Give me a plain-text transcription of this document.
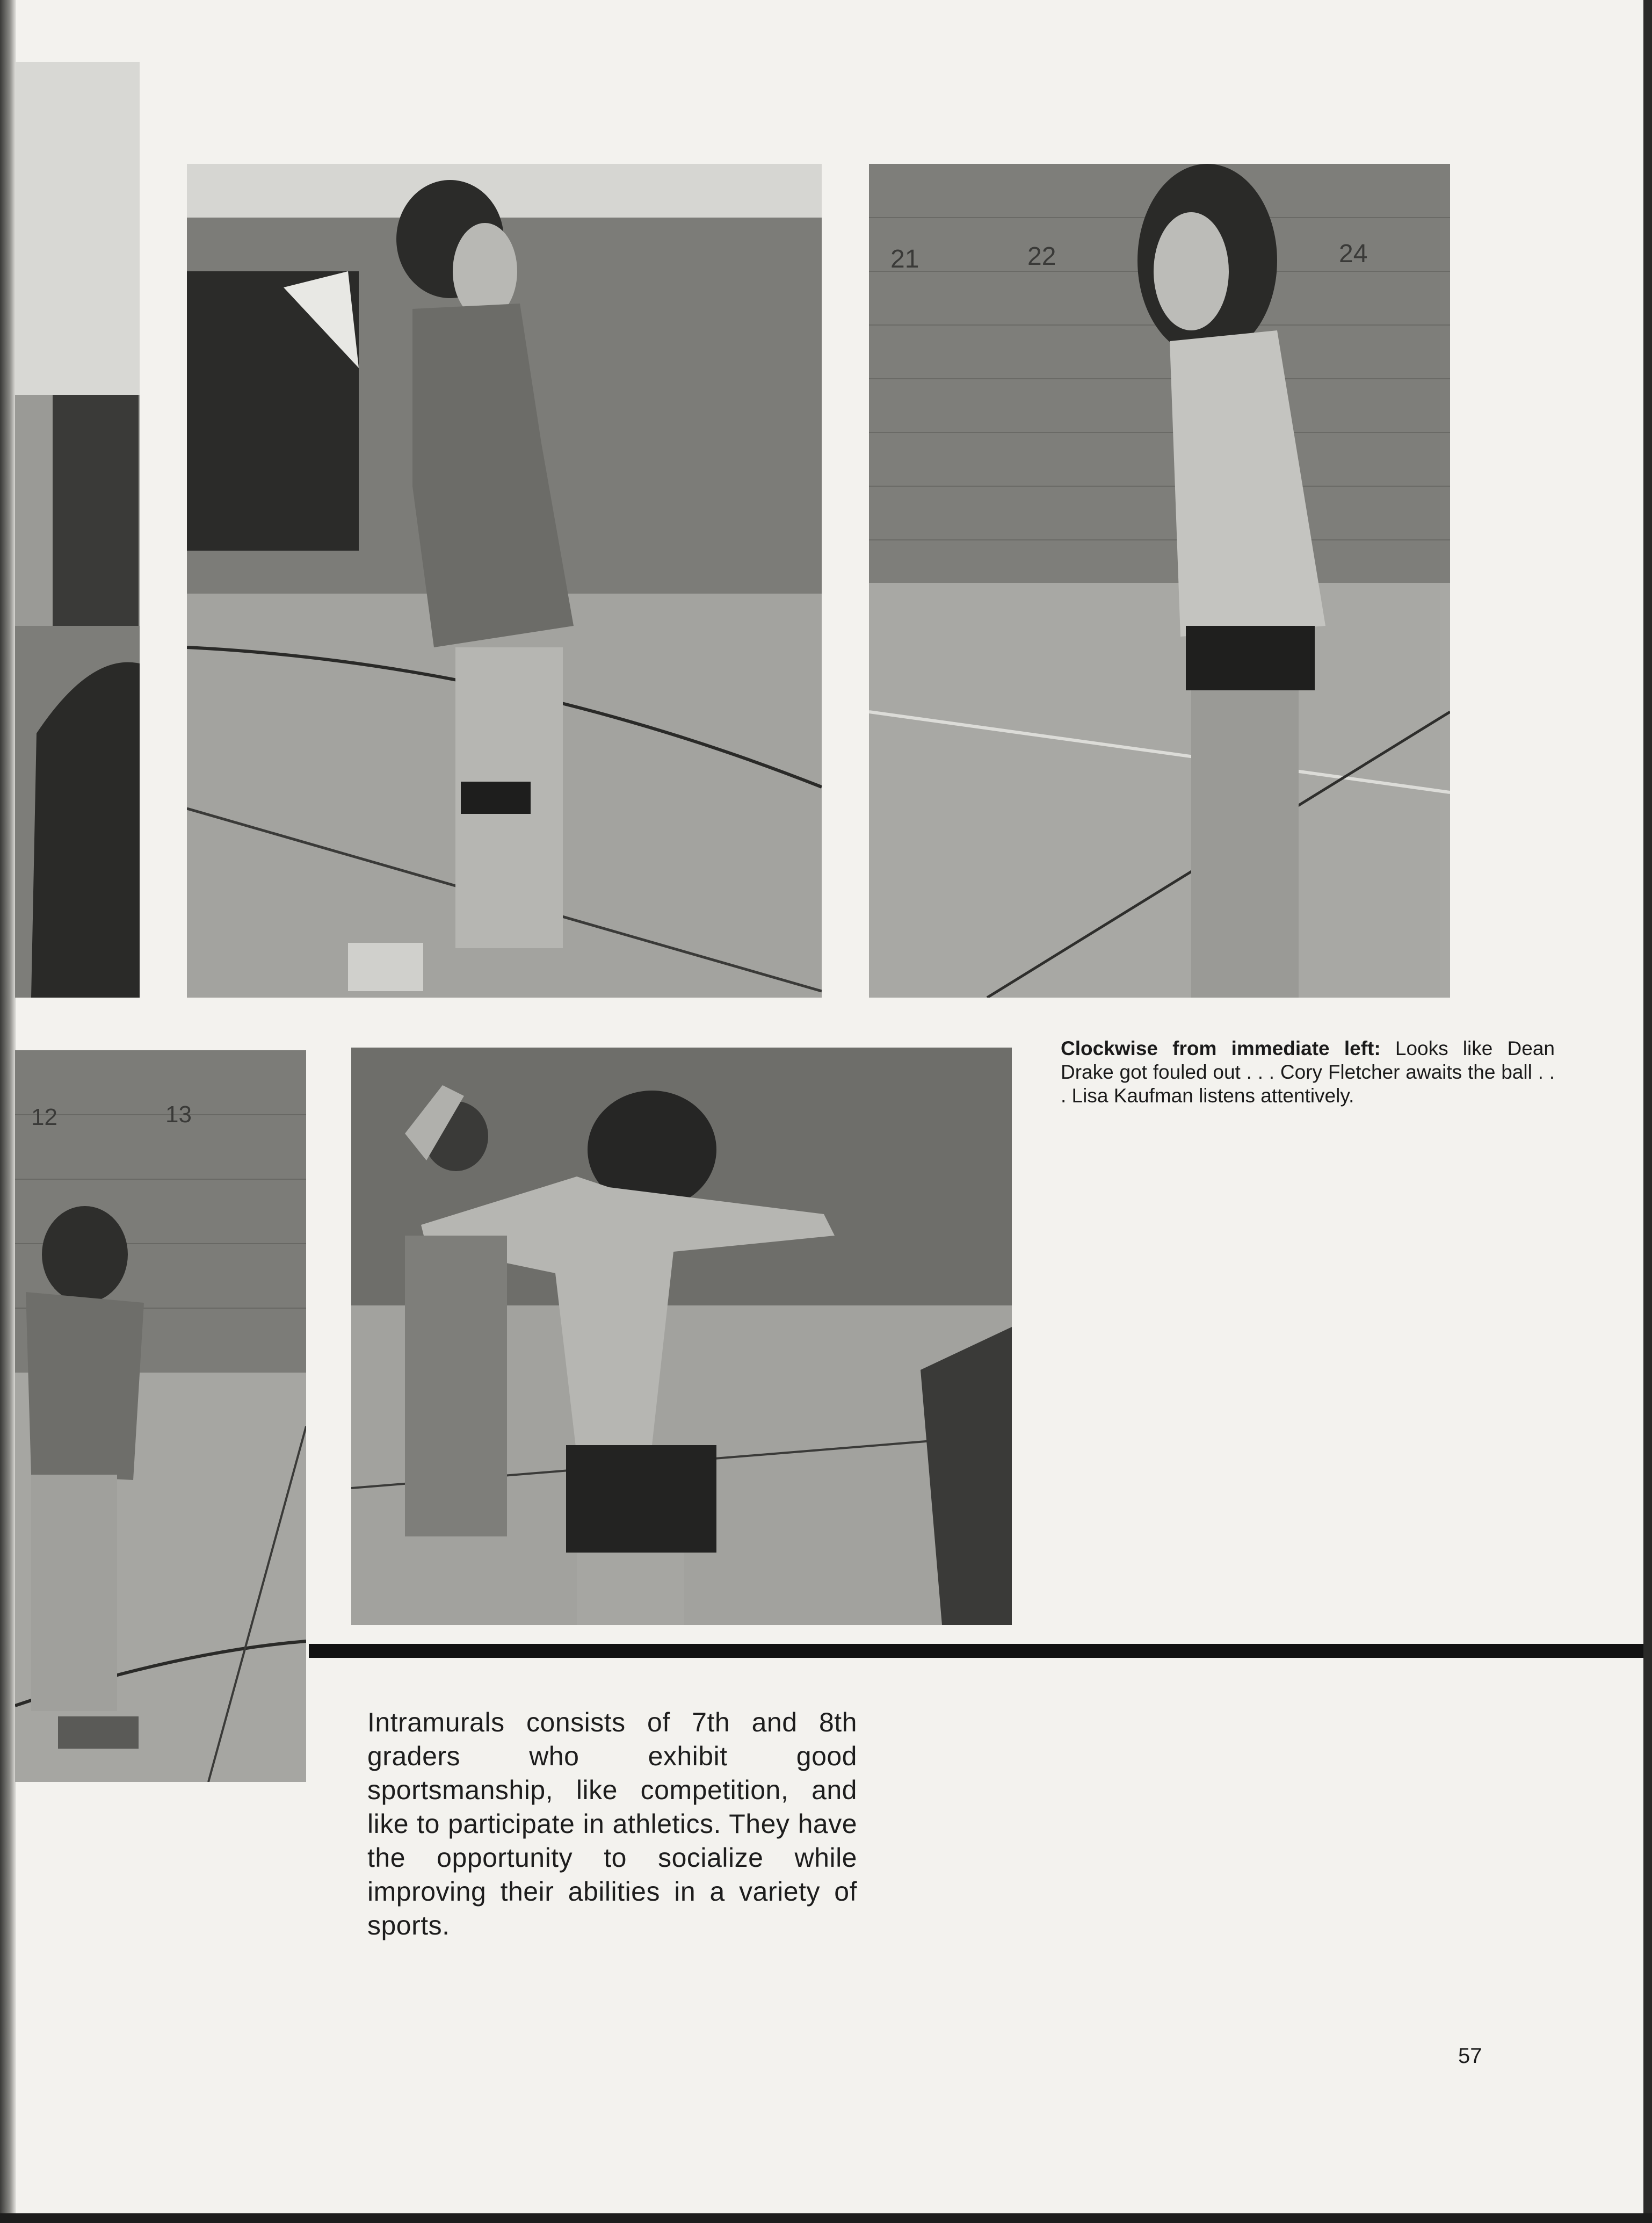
21	22	24
12	13
Clockwise from immediate left: Looks like Dean Drake got fouled out . . . Cory Fletcher awaits the ball . . . Lisa Kaufman listens attentively.
Intramurals consists of 7th and 8th graders who exhibit good sportsmanship, like competition, and like to participate in athletics. They have the opportunity to socialize while improving their abilities in a variety of sports.
57
